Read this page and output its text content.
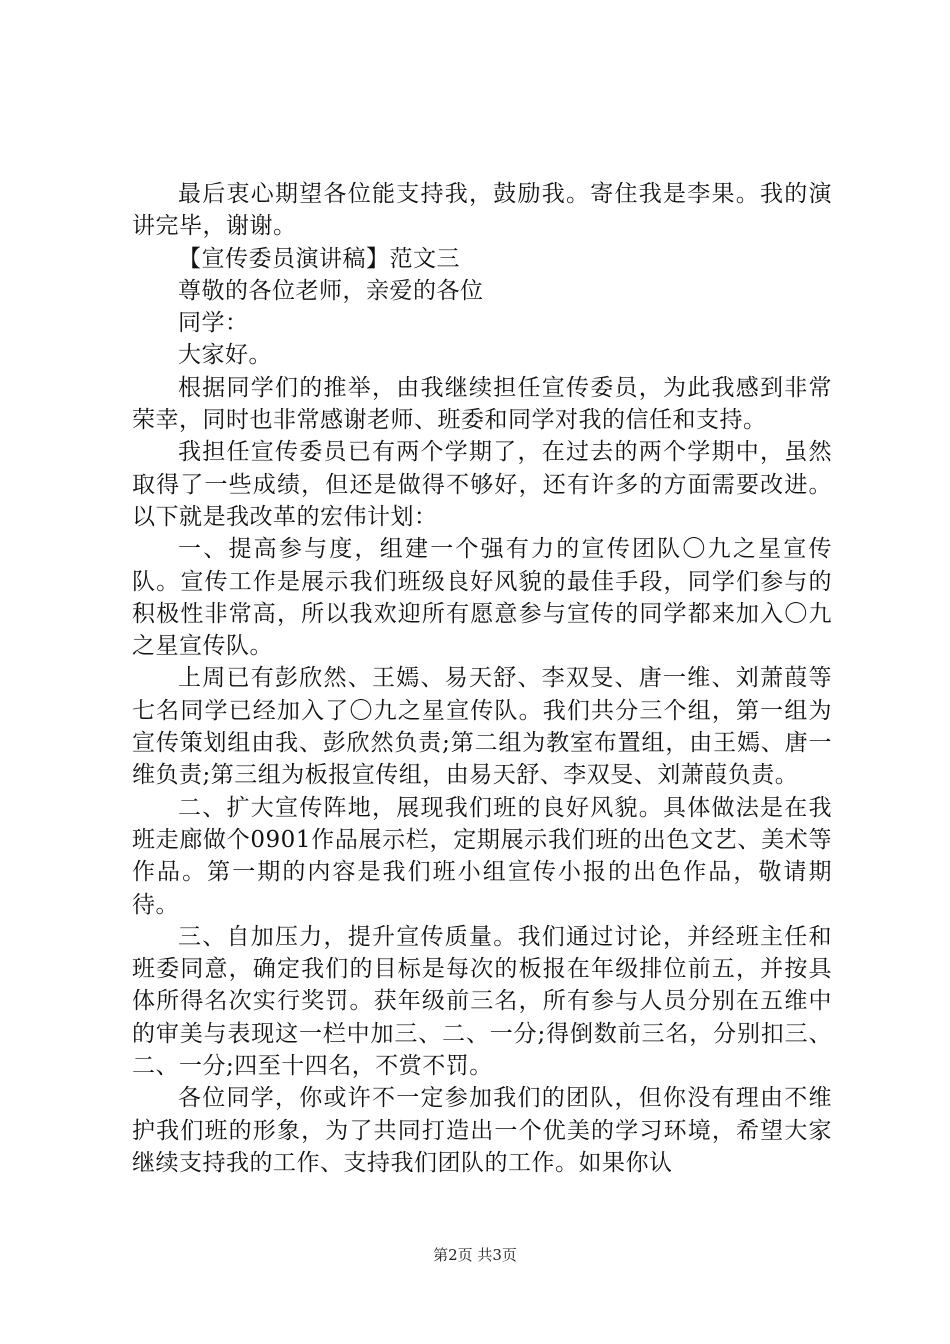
最后衷心期望各位能支持我，鼓励我。寄住我是李果。我的演讲完毕，谢谢。

【宣传委员演讲稿】范文三

尊敬的各位老师，亲爱的各位

同学：

大家好。

根据同学们的推举，由我继续担任宣传委员，为此我感到非常荣幸，同时也非常感谢老师、班委和同学对我的信任和支持。

我担任宣传委员已有两个学期了，在过去的两个学期中，虽然取得了一些成绩，但还是做得不够好，还有许多的方面需要改进。以下就是我改革的宏伟计划：

一、提高参与度，组建一个强有力的宣传团队〇九之星宣传队。宣传工作是展示我们班级良好风貌的最佳手段，同学们参与的积极性非常高，所以我欢迎所有愿意参与宣传的同学都来加入〇九之星宣传队。

上周已有彭欣然、王嫣、易天舒、李双旻、唐一维、刘萧葭等七名同学已经加入了〇九之星宣传队。我们共分三个组，第一组为宣传策划组由我、彭欣然负责;第二组为教室布置组，由王嫣、唐一维负责;第三组为板报宣传组，由易天舒、李双旻、刘萧葭负责。

二、扩大宣传阵地，展现我们班的良好风貌。具体做法是在我班走廊做个0901作品展示栏，定期展示我们班的出色文艺、美术等作品。第一期的内容是我们班小组宣传小报的出色作品，敬请期待。

三、自加压力，提升宣传质量。我们通过讨论，并经班主任和班委同意，确定我们的目标是每次的板报在年级排位前五，并按具体所得名次实行奖罚。获年级前三名，所有参与人员分别在五维中的审美与表现这一栏中加三、二、一分;得倒数前三名，分别扣三、二、一分;四至十四名，不赏不罚。

各位同学，你或许不一定参加我们的团队，但你没有理由不维护我们班的形象，为了共同打造出一个优美的学习环境，希望大家继续支持我的工作、支持我们团队的工作。如果你认

第2页 共3页
